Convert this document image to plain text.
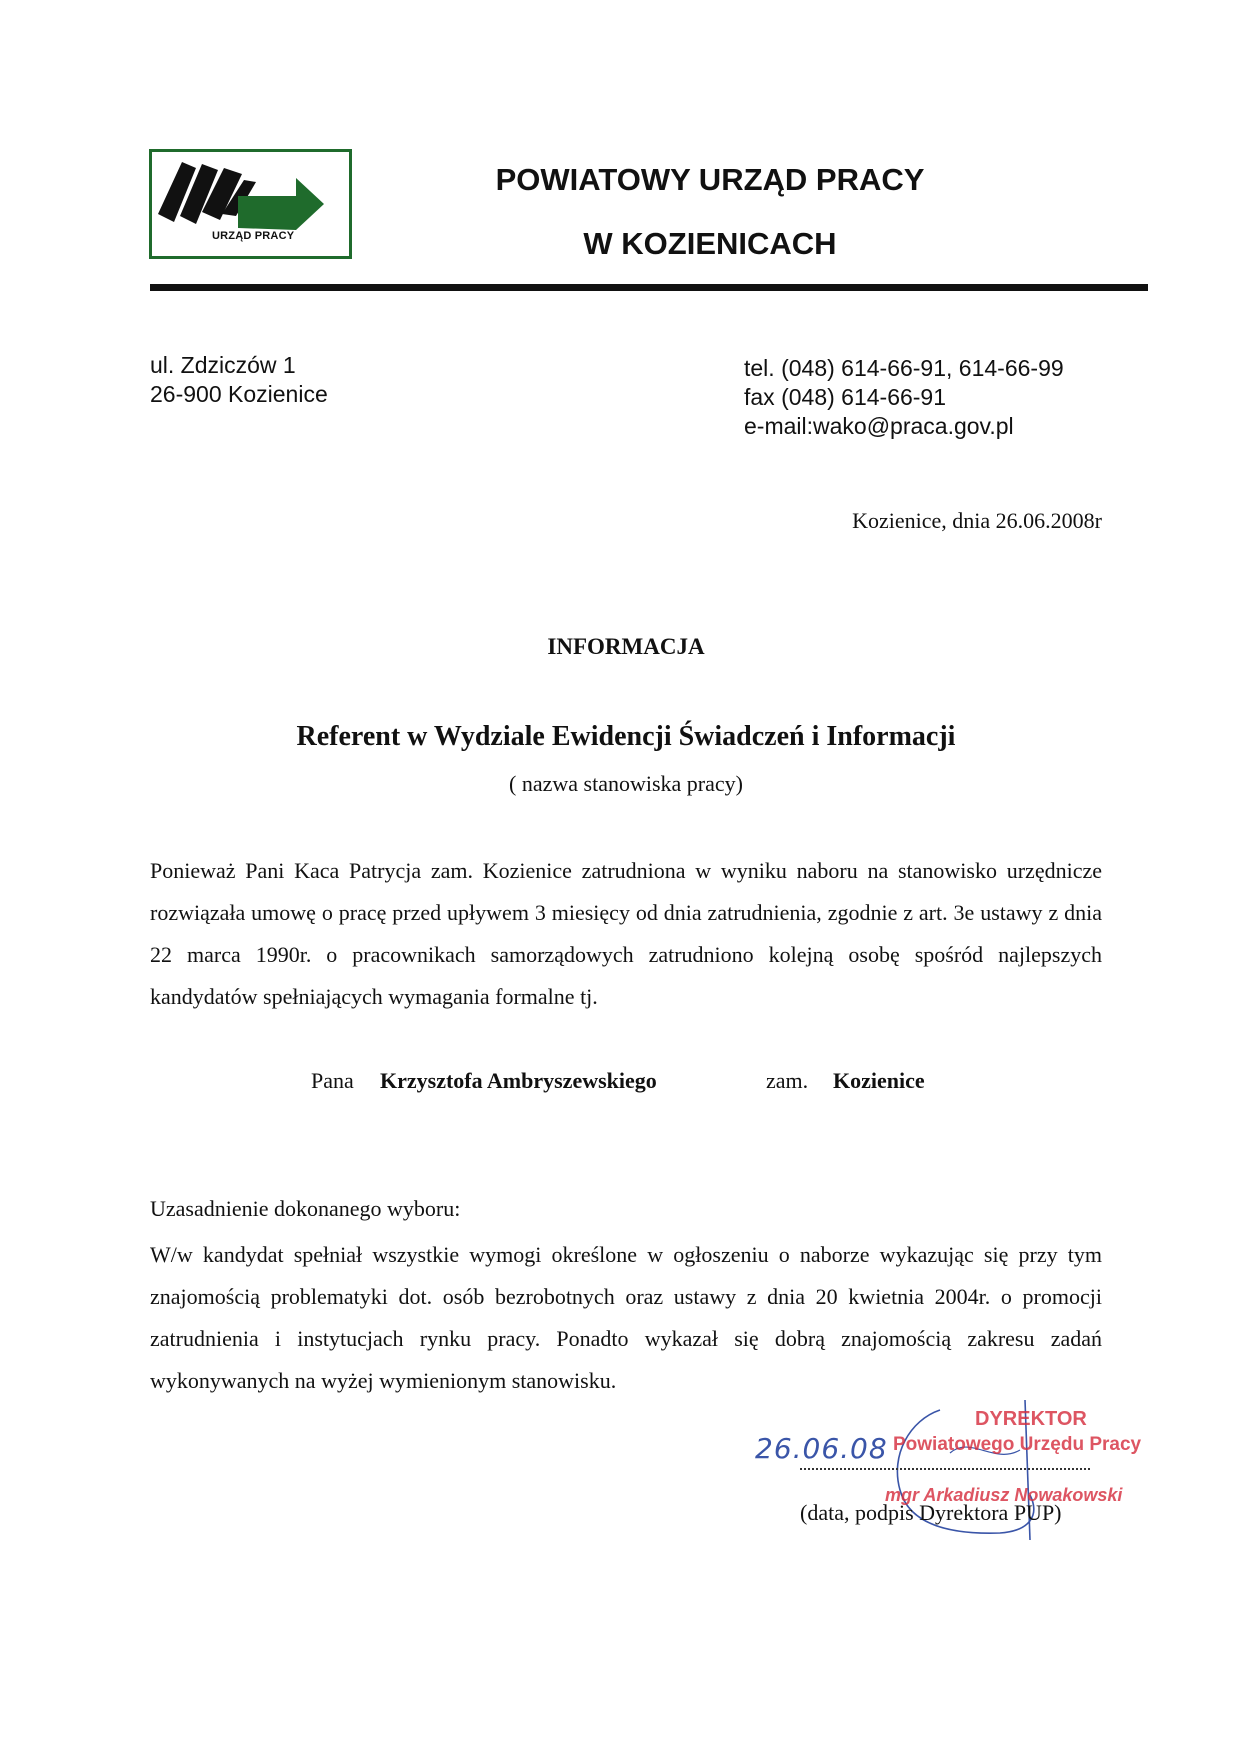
URZĄD PRACY
POWIATOWY URZĄD PRACY
W KOZIENICACH
ul. Zdziczów 1
26-900 Kozienice
tel. (048) 614-66-91, 614-66-99
fax (048) 614-66-91
e-mail:wako@praca.gov.pl
Kozienice, dnia 26.06.2008r
INFORMACJA
Referent w Wydziale Ewidencji Świadczeń i Informacji
( nazwa stanowiska pracy)
Ponieważ Pani Kaca Patrycja zam. Kozienice zatrudniona w wyniku naboru na stanowisko urzędnicze rozwiązała umowę o pracę przed upływem 3 miesięcy od dnia zatrudnienia, zgodnie z art. 3e ustawy z dnia 22 marca 1990r. o pracownikach samorządowych zatrudniono kolejną osobę spośród najlepszych kandydatów spełniających wymagania formalne tj.
Pana Krzysztofa Ambryszewskiego	zam. Kozienice
Uzasadnienie dokonanego wyboru:
W/w kandydat spełniał wszystkie wymogi określone w ogłoszeniu o naborze wykazując się przy tym znajomością problematyki dot. osób bezrobotnych oraz ustawy z dnia 20 kwietnia 2004r. o promocji zatrudnienia i instytucjach rynku pracy. Ponadto wykazał się dobrą znajomością zakresu zadań wykonywanych na wyżej wymienionym stanowisku.
26.06.08
DYREKTOR
Powiatowego Urzędu Pracy
mgr Arkadiusz Nowakowski
(data, podpis Dyrektora PUP)
